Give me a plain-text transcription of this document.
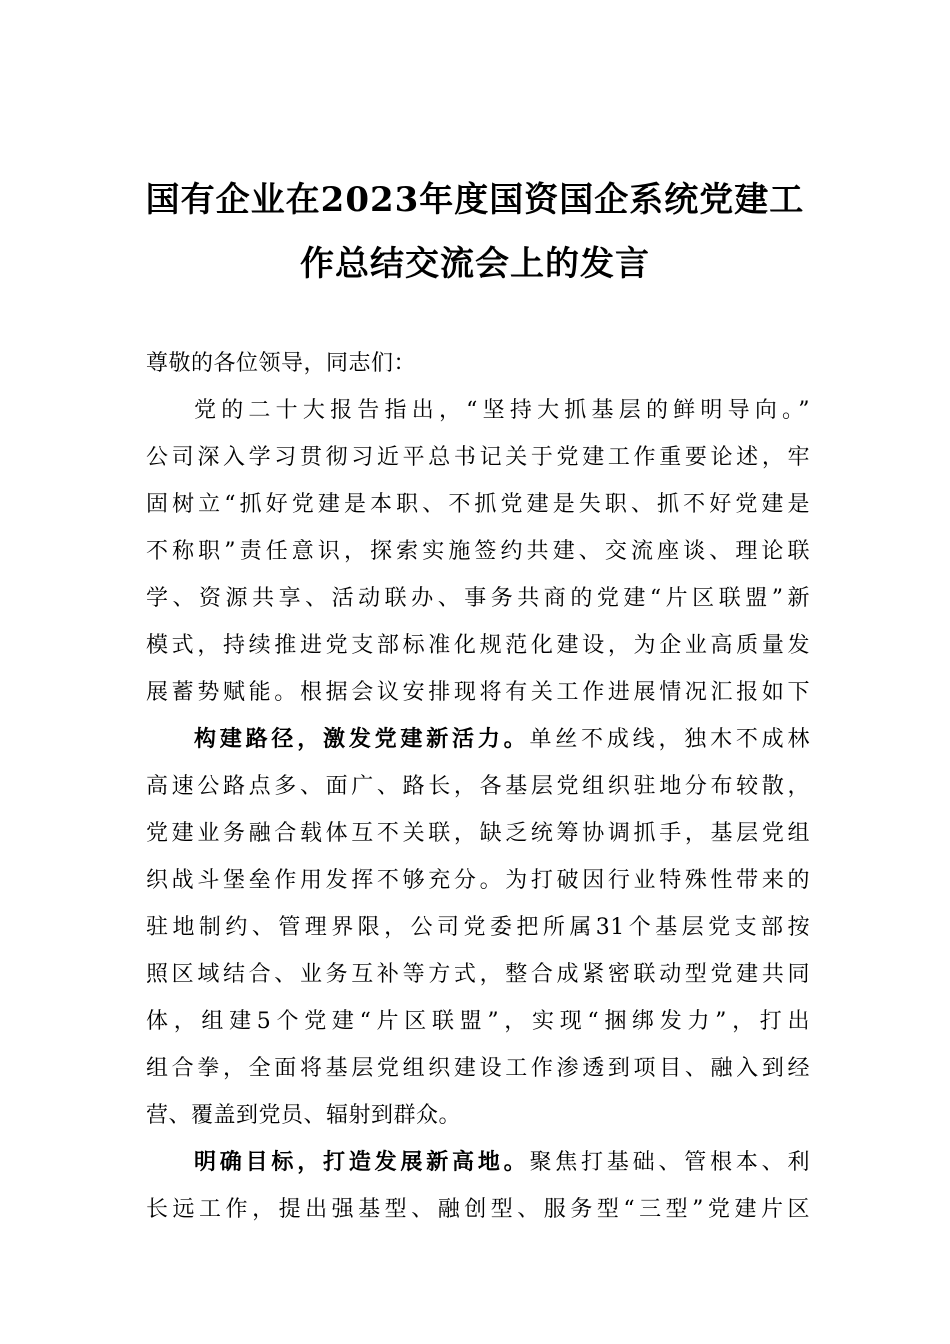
国有企业在2023年度国资国企系统党建工
作总结交流会上的发言
尊敬的各位领导，同志们：
党的二十大报告指出，“坚持大抓基层的鲜明导向。”
公司深入学习贯彻习近平总书记关于党建工作重要论述，牢
固树立“抓好党建是本职、不抓党建是失职、抓不好党建是
不称职”责任意识，探索实施签约共建、交流座谈、理论联
学、资源共享、活动联办、事务共商的党建“片区联盟”新
模式，持续推进党支部标准化规范化建设，为企业高质量发
展蓄势赋能。根据会议安排现将有关工作进展情况汇报如下
构建路径，激发党建新活力。单丝不成线，独木不成林
高速公路点多、面广、路长，各基层党组织驻地分布较散，
党建业务融合载体互不关联，缺乏统筹协调抓手，基层党组
织战斗堡垒作用发挥不够充分。为打破因行业特殊性带来的
驻地制约、管理界限，公司党委把所属31个基层党支部按
照区域结合、业务互补等方式，整合成紧密联动型党建共同
体，组建5个党建“片区联盟”，实现“捆绑发力”，打出
组合拳，全面将基层党组织建设工作渗透到项目、融入到经
营、覆盖到党员、辐射到群众。
明确目标，打造发展新高地。聚焦打基础、管根本、利
长远工作，提出强基型、融创型、服务型“三型”党建片区
